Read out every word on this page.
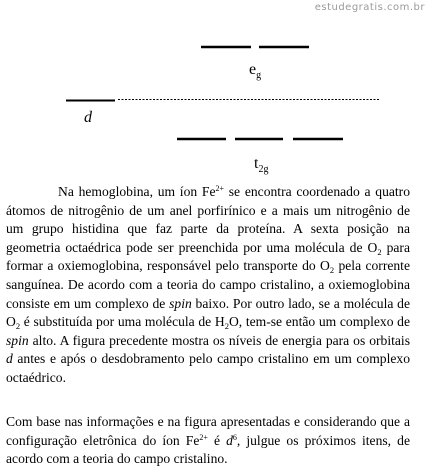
estudegratis.com.br
d
$e_g$
$t_{2g}$

Na hemoglobina, um íon $Fe^{2+}$ se encontra coordenado a quatro átomos de nitrogênio de um anel porfirínico e a mais um nitrogênio de um grupo histidina que faz parte da proteína. A sexta posição na geometria octaédrica pode ser preenchida por uma molécula de $O_2$ para formar a oxiemoglobina, responsável pelo transporte do $O_2$ pela corrente sanguínea. De acordo com a teoria do campo cristalino, a oxiemoglobina consiste em um complexo de spin baixo. Por outro lado, se a molécula de $O_2$ é substituída por uma molécula de $H_2O$, tem-se então um complexo de spin alto. A figura precedente mostra os níveis de energia para os orbitais d antes e após o desdobramento pelo campo cristalino em um complexo octaédrico.

Com base nas informações e na figura apresentadas e considerando que a configuração eletrônica do íon $Fe^{2+}$ é $d^6$, julgue os próximos itens, de acordo com a teoria do campo cristalino.
